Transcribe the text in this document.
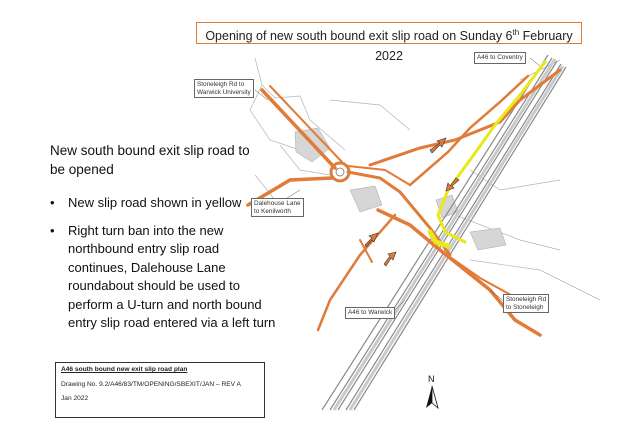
Opening of new south bound exit slip road on Sunday 6th February 2022
New south bound exit slip road to be opened
• New slip road shown in yellow
• Right turn ban into the new northbound entry slip road continues, Dalehouse Lane roundabout should be used to perform a U-turn and north bound entry slip road entered via a left turn
A46 to Coventry
Stoneleigh Rd to
Warwick University
Dalehouse Lane
to Kenilworth
A46 to Warwick
Stoneleigh Rd
to Stoneleigh
A46 south bound new exit slip road plan
Drawing No. 9.2/A46/83/TM/OPENING/SBEXIT/JAN – REV A
Jan 2022
N
